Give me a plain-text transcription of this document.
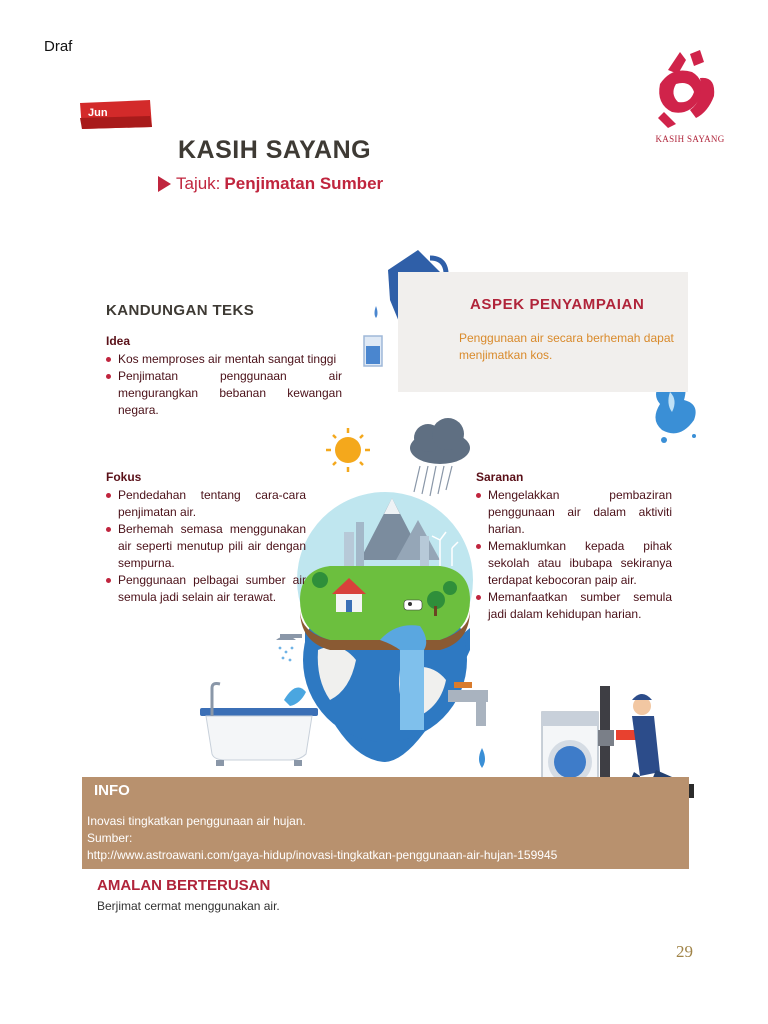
Draf
KASIH SAYANG
Jun
KASIH SAYANG
Tajuk: Penjimatan Sumber
ASPEK PENYAMPAIAN
Penggunaan air secara berhemah dapat menjimatkan kos.
KANDUNGAN TEKS
Idea
Kos memproses air mentah sangat tinggi
Penjimatan penggunaan air mengurangkan bebanan kewangan negara.
Fokus
Pendedahan tentang cara-cara penjimatan air.
Berhemah semasa menggunakan air seperti menutup pili air dengan sempurna.
Penggunaan pelbagai sumber air semula jadi selain air terawat.
Saranan
Mengelakkan pembaziran penggunaan air dalam aktiviti harian.
Memaklumkan kepada pihak sekolah atau ibubapa sekiranya terdapat kebocoran paip air.
Memanfaatkan sumber semula jadi dalam kehidupan harian.
INFO
Inovasi tingkatkan penggunaan air hujan.
Sumber:
http://www.astroawani.com/gaya-hidup/inovasi-tingkatkan-penggunaan-air-hujan-159945
AMALAN BERTERUSAN
Berjimat cermat menggunakan air.
29
